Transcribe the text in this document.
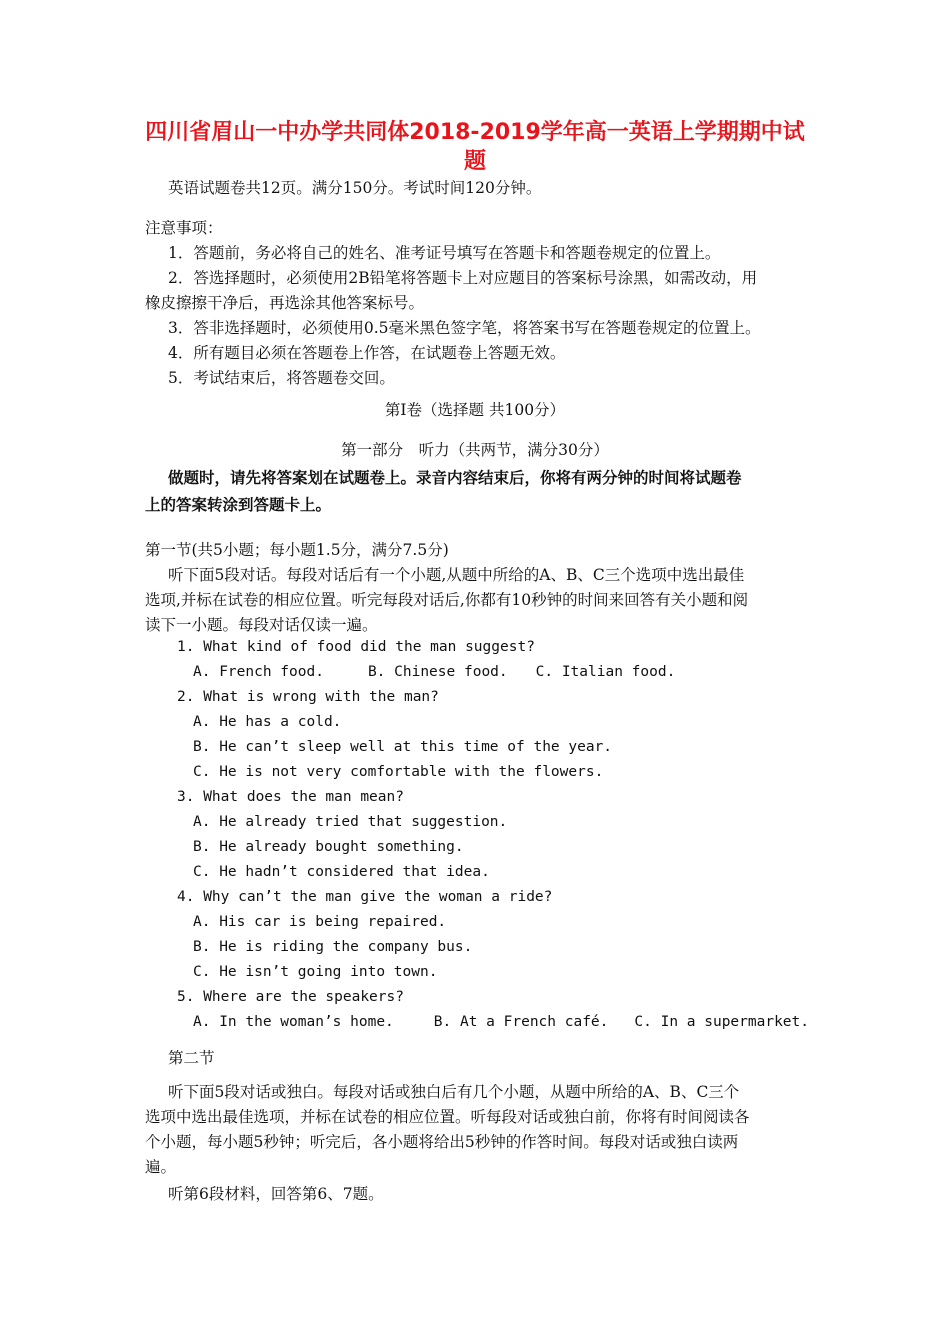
四川省眉山一中办学共同体2018-2019学年高一英语上学期期中试
题
英语试题卷共12页。满分150分。考试时间120分钟。
注意事项：
1．答题前，务必将自己的姓名、准考证号填写在答题卡和答题卷规定的位置上。
2．答选择题时，必须使用2B铅笔将答题卡上对应题目的答案标号涂黑，如需改动，用
橡皮擦擦干净后，再选涂其他答案标号。
3．答非选择题时，必须使用0.5毫米黑色签字笔，将答案书写在答题卷规定的位置上。
4．所有题目必须在答题卷上作答，在试题卷上答题无效。
5．考试结束后，将答题卷交回。
第Ⅰ卷（选择题 共100分）
第一部分　听力（共两节，满分30分）
做题时，请先将答案划在试题卷上。录音内容结束后，你将有两分钟的时间将试题卷
上的答案转涂到答题卡上。
第一节(共5小题；每小题1.5分，满分7.5分)
听下面5段对话。每段对话后有一个小题,从题中所给的A、B、C三个选项中选出最佳
选项,并标在试卷的相应位置。听完每段对话后,你都有10秒钟的时间来回答有关小题和阅
读下一小题。每段对话仅读一遍。
1. What kind of food did the man suggest?
A. French food.	B. Chinese food. C. Italian food.
2. What is wrong with the man?
A. He has a cold.
B. He can’t sleep well at this time of the year.
C. He is not very comfortable with the flowers.
3. What does the man mean?
A. He already tried that suggestion.
B. He already bought something.
C. He hadn’t considered that idea.
4. Why can’t the man give the woman a ride?
A. His car is being repaired.
B. He is riding the company bus.
C. He isn’t going into town.
5. Where are the speakers?
A. In the woman’s home.	B. At a French café. C. In a supermarket.
第二节
听下面5段对话或独白。每段对话或独白后有几个小题，从题中所给的A、B、C三个
选项中选出最佳选项，并标在试卷的相应位置。听每段对话或独白前，你将有时间阅读各
个小题，每小题5秒钟；听完后，各小题将给出5秒钟的作答时间。每段对话或独白读两
遍。
听第6段材料，回答第6、7题。
